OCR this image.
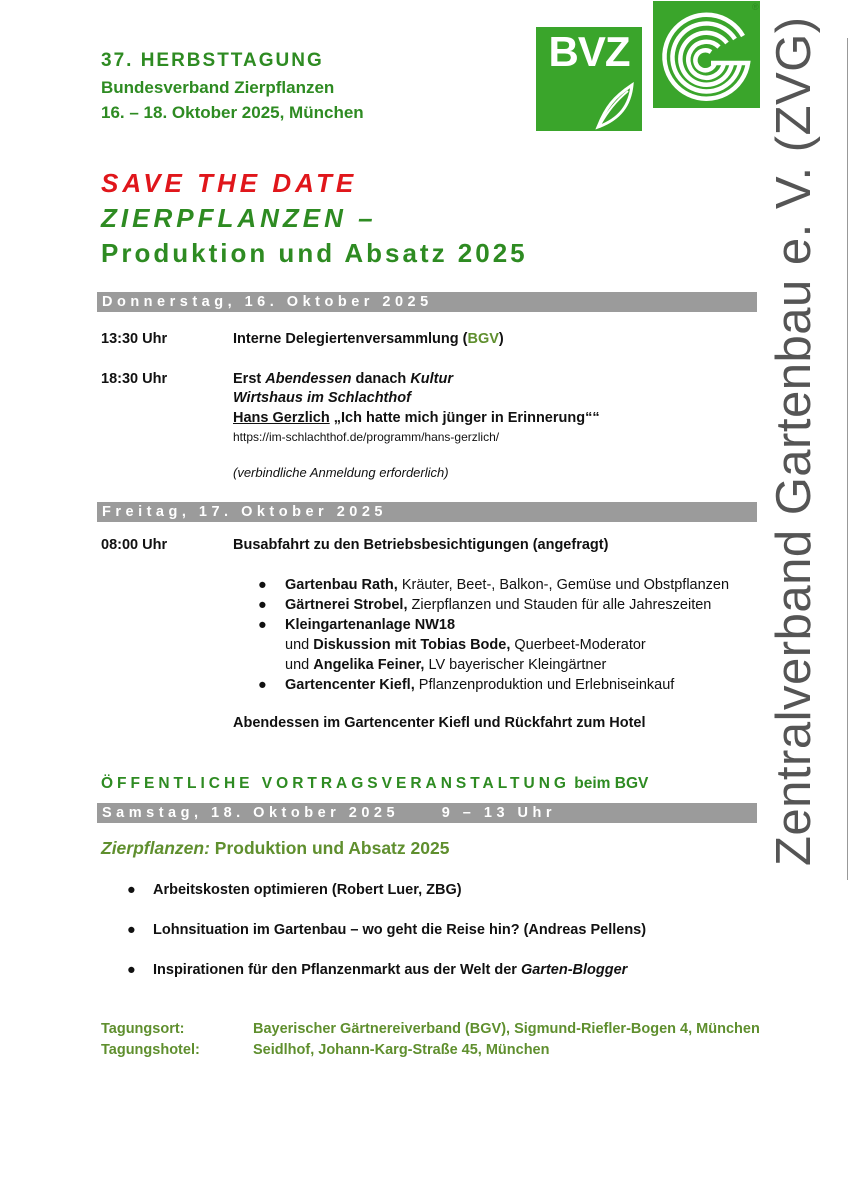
37. HERBSTTAGUNG
Bundesverband Zierpflanzen
16. – 18. Oktober 2025, München
BVZ
®
Zentralverband Gartenbau e. V. (ZVG)
SAVE THE DATE
ZIERPFLANZEN –
Produktion und Absatz 2025
Donnerstag, 16. Oktober 2025
13:30 Uhr	Interne Delegiertenversammlung (BGV)
18:30 Uhr	Erst Abendessen danach Kultur
Wirtshaus im Schlachthof
Hans Gerzlich „Ich hatte mich jünger in Erinnerung““
https://im-schlachthof.de/programm/hans-gerzlich/
(verbindliche Anmeldung erforderlich)
Freitag, 17. Oktober 2025
08:00 Uhr	Busabfahrt zu den Betriebsbesichtigungen (angefragt)
● Gartenbau Rath, Kräuter, Beet-, Balkon-, Gemüse und Obstpflanzen
● Gärtnerei Strobel, Zierpflanzen und Stauden für alle Jahreszeiten
● Kleingartenanlage NW18
und Diskussion mit Tobias Bode, Querbeet-Moderator
und Angelika Feiner, LV bayerischer Kleingärtner
● Gartencenter Kiefl, Pflanzenproduktion und Erlebniseinkauf
Abendessen im Gartencenter Kiefl und Rückfahrt zum Hotel
ÖFFENTLICHE VORTRAGSVERANSTALTUNG beim BGV
Samstag, 18. Oktober 2025     9 – 13 Uhr
Zierpflanzen: Produktion und Absatz 2025
● Arbeitskosten optimieren (Robert Luer, ZBG)
● Lohnsituation im Gartenbau – wo geht die Reise hin? (Andreas Pellens)
● Inspirationen für den Pflanzenmarkt aus der Welt der Garten-Blogger
Tagungsort:	Bayerischer Gärtnereiverband (BGV), Sigmund-Riefler-Bogen 4, München
Tagungshotel:	Seidlhof, Johann-Karg-Straße 45, München
